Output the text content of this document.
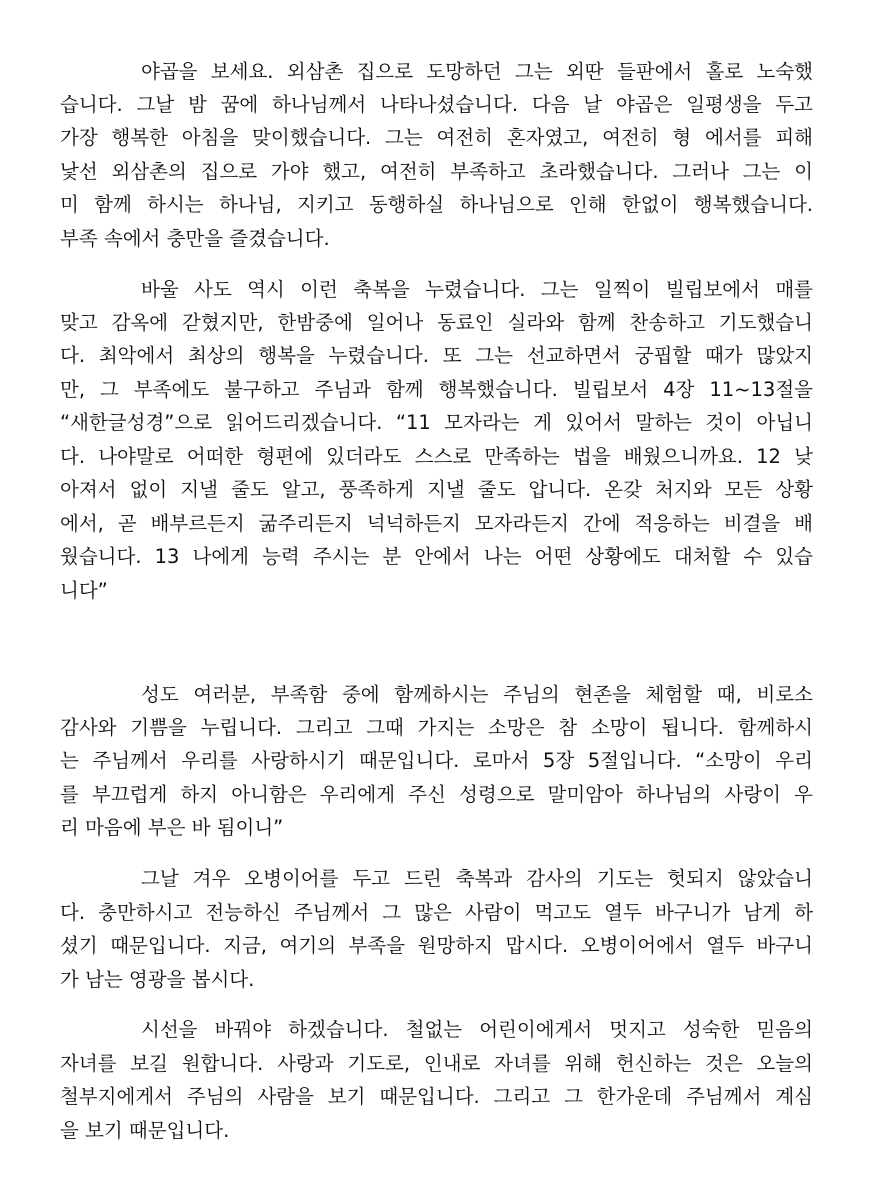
야곱을 보세요. 외삼촌 집으로 도망하던 그는 외딴 들판에서 홀로 노숙했
습니다. 그날 밤 꿈에 하나님께서 나타나셨습니다. 다음 날 야곱은 일평생을 두고
가장 행복한 아침을 맞이했습니다. 그는 여전히 혼자였고, 여전히 형 에서를 피해
낯선 외삼촌의 집으로 가야 했고, 여전히 부족하고 초라했습니다. 그러나 그는 이
미 함께 하시는 하나님, 지키고 동행하실 하나님으로 인해 한없이 행복했습니다.
부족 속에서 충만을 즐겼습니다.
바울 사도 역시 이런 축복을 누렸습니다. 그는 일찍이 빌립보에서 매를
맞고 감옥에 갇혔지만, 한밤중에 일어나 동료인 실라와 함께 찬송하고 기도했습니
다. 최악에서 최상의 행복을 누렸습니다. 또 그는 선교하면서 궁핍할 때가 많았지
만, 그 부족에도 불구하고 주님과 함께 행복했습니다. 빌립보서 4장 11~13절을
“새한글성경”으로 읽어드리겠습니다. “11 모자라는 게 있어서 말하는 것이 아닙니
다. 나야말로 어떠한 형편에 있더라도 스스로 만족하는 법을 배웠으니까요. 12 낮
아져서 없이 지낼 줄도 알고, 풍족하게 지낼 줄도 압니다. 온갖 처지와 모든 상황
에서, 곧 배부르든지 굶주리든지 넉넉하든지 모자라든지 간에 적응하는 비결을 배
웠습니다. 13 나에게 능력 주시는 분 안에서 나는 어떤 상황에도 대처할 수 있습
니다”
성도 여러분, 부족함 중에 함께하시는 주님의 현존을 체험할 때, 비로소
감사와 기쁨을 누립니다. 그리고 그때 가지는 소망은 참 소망이 됩니다. 함께하시
는 주님께서 우리를 사랑하시기 때문입니다. 로마서 5장 5절입니다. “소망이 우리
를 부끄럽게 하지 아니함은 우리에게 주신 성령으로 말미암아 하나님의 사랑이 우
리 마음에 부은 바 됨이니”
그날 겨우 오병이어를 두고 드린 축복과 감사의 기도는 헛되지 않았습니
다. 충만하시고 전능하신 주님께서 그 많은 사람이 먹고도 열두 바구니가 남게 하
셨기 때문입니다. 지금, 여기의 부족을 원망하지 맙시다. 오병이어에서 열두 바구니
가 남는 영광을 봅시다.
시선을 바꿔야 하겠습니다. 철없는 어린이에게서 멋지고 성숙한 믿음의
자녀를 보길 원합니다. 사랑과 기도로, 인내로 자녀를 위해 헌신하는 것은 오늘의
철부지에게서 주님의 사람을 보기 때문입니다. 그리고 그 한가운데 주님께서 계심
을 보기 때문입니다.
